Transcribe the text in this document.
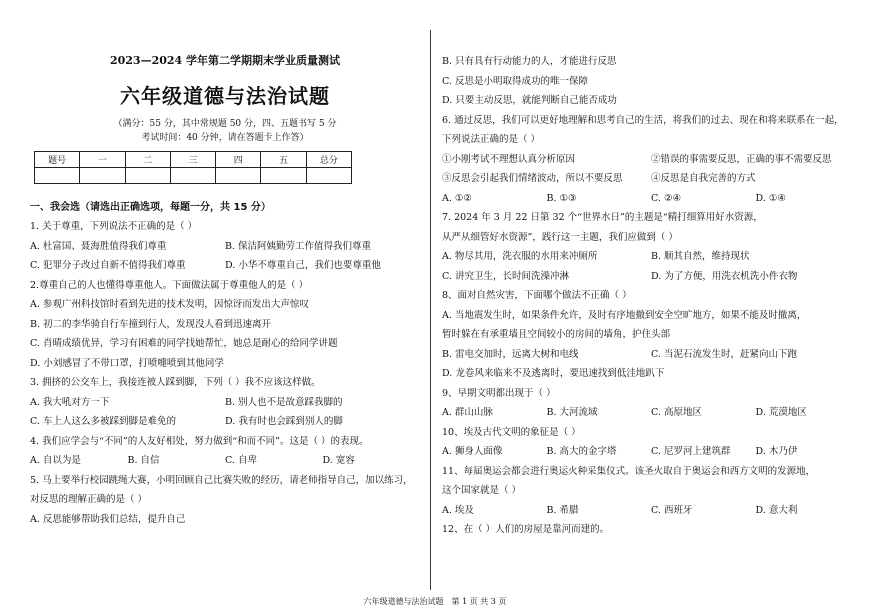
2023—2024 学年第二学期期末学业质量测试
六年级道德与法治试题
（满分：55 分，其中常规题 50 分，四、五题书写 5 分
考试时间：40 分钟，请在答题卡上作答）
题号	一	二	三	四	五	总分

一、我会选（请选出正确选项，每题一分，共 15 分）
1. 关于尊重，下列说法不正确的是（ ）
A. 杜富国、聂海胜值得我们尊重	B. 保洁阿姨勤劳工作值得我们尊重
C. 犯罪分子改过自新不值得我们尊重	D. 小华不尊重自己，我们也要尊重他
2.尊重自己的人也懂得尊重他人。下面做法属于尊重他人的是（ ）
A. 参观广州科技馆时看到先进的技术发明，因惊讶而发出大声惊叹
B. 初二的李华骑自行车撞到行人，发现没人看到迅速离开
C. 肖晴成绩优异，学习有困难的同学找她帮忙，她总是耐心的给同学讲题
D. 小刘感冒了不带口罩，打喷嚏喷到其他同学
3. 拥挤的公交车上，我接连被人踩到脚，下列（ ）我不应该这样做。
A. 我大吼对方一下	B. 别人也不是故意踩我脚的
C. 车上人这么多被踩到脚是难免的	D. 我有时也会踩到别人的脚
4. 我们应学会与“不同”的人友好相处，努力做到“和而不同”。这是（ ）的表现。
A. 自以为是	B. 自信	C. 自卑	D. 宽容
5. 马上要举行校园跳绳大赛，小明回顾自己比赛失败的经历，请老师指导自己，加以练习，
对反思的理解正确的是（ ）
A. 反思能够帮助我们总结，提升自己
B. 只有具有行动能力的人，才能进行反思
C. 反思是小明取得成功的唯一保障
D. 只要主动反思，就能判断自己能否成功
6. 通过反思，我们可以更好地理解和思考自己的生活，将我们的过去、现在和将来联系在一起，
下列说法正确的是（ ）
①小刚考试不理想认真分析原因	②错误的事需要反思，正确的事不需要反思
③反思会引起我们情绪波动，所以不要反思	④反思是自我完善的方式
A. ①②	B. ①③	C. ②④	D. ①④
7. 2024 年 3 月 22 日第 32 个“世界水日”的主题是“精打细算用好水资源，
从严从细管好水资源”，践行这一主题，我们应做到（ ）
A. 物尽其用，洗衣服的水用来冲厕所	B. 顺其自然，维持现状
C. 讲究卫生，长时间洗澡冲淋	D. 为了方便，用洗衣机洗小件衣物
8、面对自然灾害，下面哪个做法不正确（ ）
A. 当地震发生时，如果条件允许，及时有序地撤到安全空旷地方，如果不能及时撤离，
暂时躲在有承重墙且空间较小的房间的墙角，护住头部
B. 雷电交加时，远离大树和电线	C. 当泥石流发生时，赶紧向山下跑
D. 龙卷风来临来不及逃离时，要迅速找到低洼地趴下
9、早期文明都出现于（ ）
A. 群山山脉	B. 大河流域	C. 高原地区	D. 荒漠地区
10、埃及古代文明的象征是（ ）
A. 狮身人面像	B. 高大的金字塔	C. 尼罗河上建筑群	D. 木乃伊
11、每届奥运会都会进行奥运火种采集仪式。该圣火取自于奥运会和西方文明的发源地，
这个国家就是（ ）
A. 埃及	B. 希腊	C. 西班牙	D. 意大利
12、在（ ）人们的房屋是靠河而建的。
六年级道德与法治试题　第 1 页 共 3 页
